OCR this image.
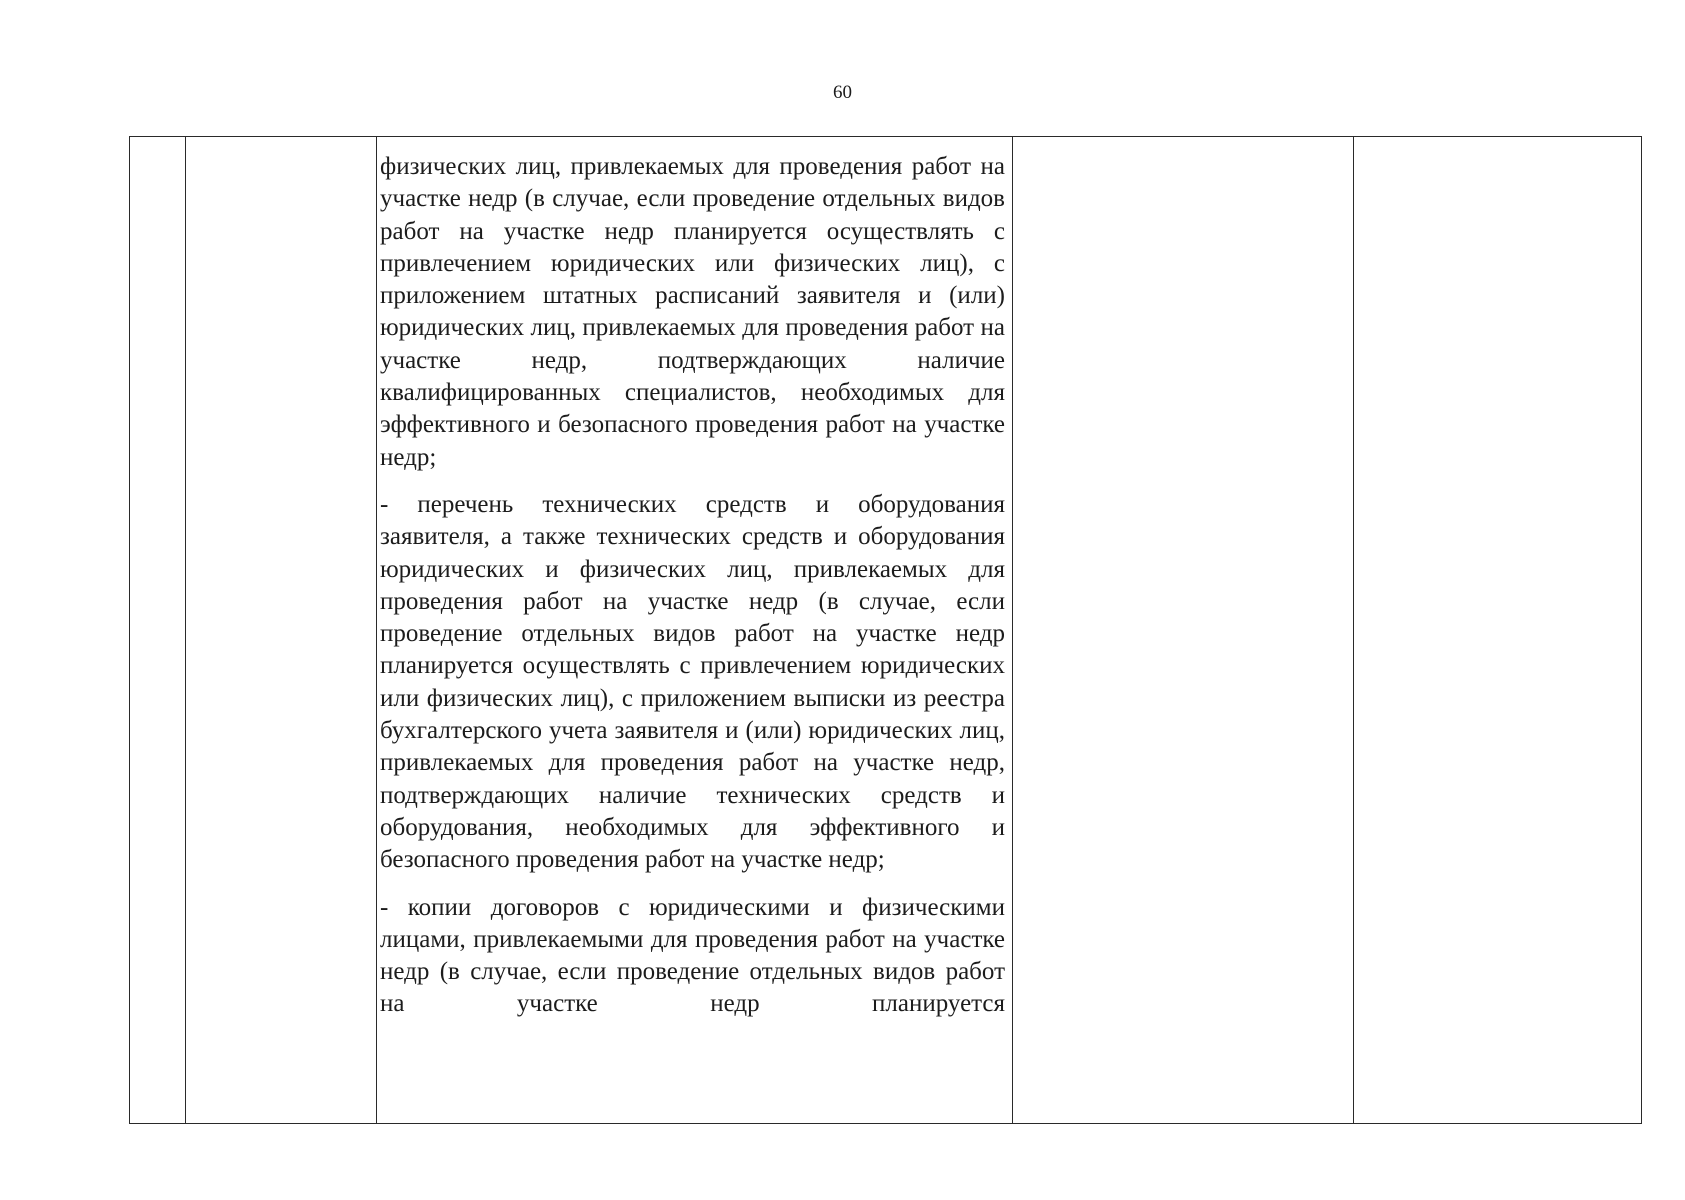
60

физических лиц, привлекаемых для проведения работ на участке недр (в случае, если проведение отдельных видов работ на участке недр планируется осуществлять с привлечением юридических или физических лиц), с приложением штатных расписаний заявителя и (или) юридических лиц, привлекаемых для проведения работ на участке недр, подтверждающих наличие квалифицированных специалистов, необходимых для эффективного и безопасного проведения работ на участке недр;

- перечень технических средств и оборудования заявителя, а также технических средств и оборудования юридических и физических лиц, привлекаемых для проведения работ на участке недр (в случае, если проведение отдельных видов работ на участке недр планируется осуществлять с привлечением юридических или физических лиц), с приложением выписки из реестра бухгалтерского учета заявителя и (или) юридических лиц, привлекаемых для проведения работ на участке недр, подтверждающих наличие технических средств и оборудования, необходимых для эффективного и безопасного проведения работ на участке недр;

- копии договоров с юридическими и физическими лицами, привлекаемыми для проведения работ на участке недр (в случае, если проведение отдельных видов работ на участке недр планируется
